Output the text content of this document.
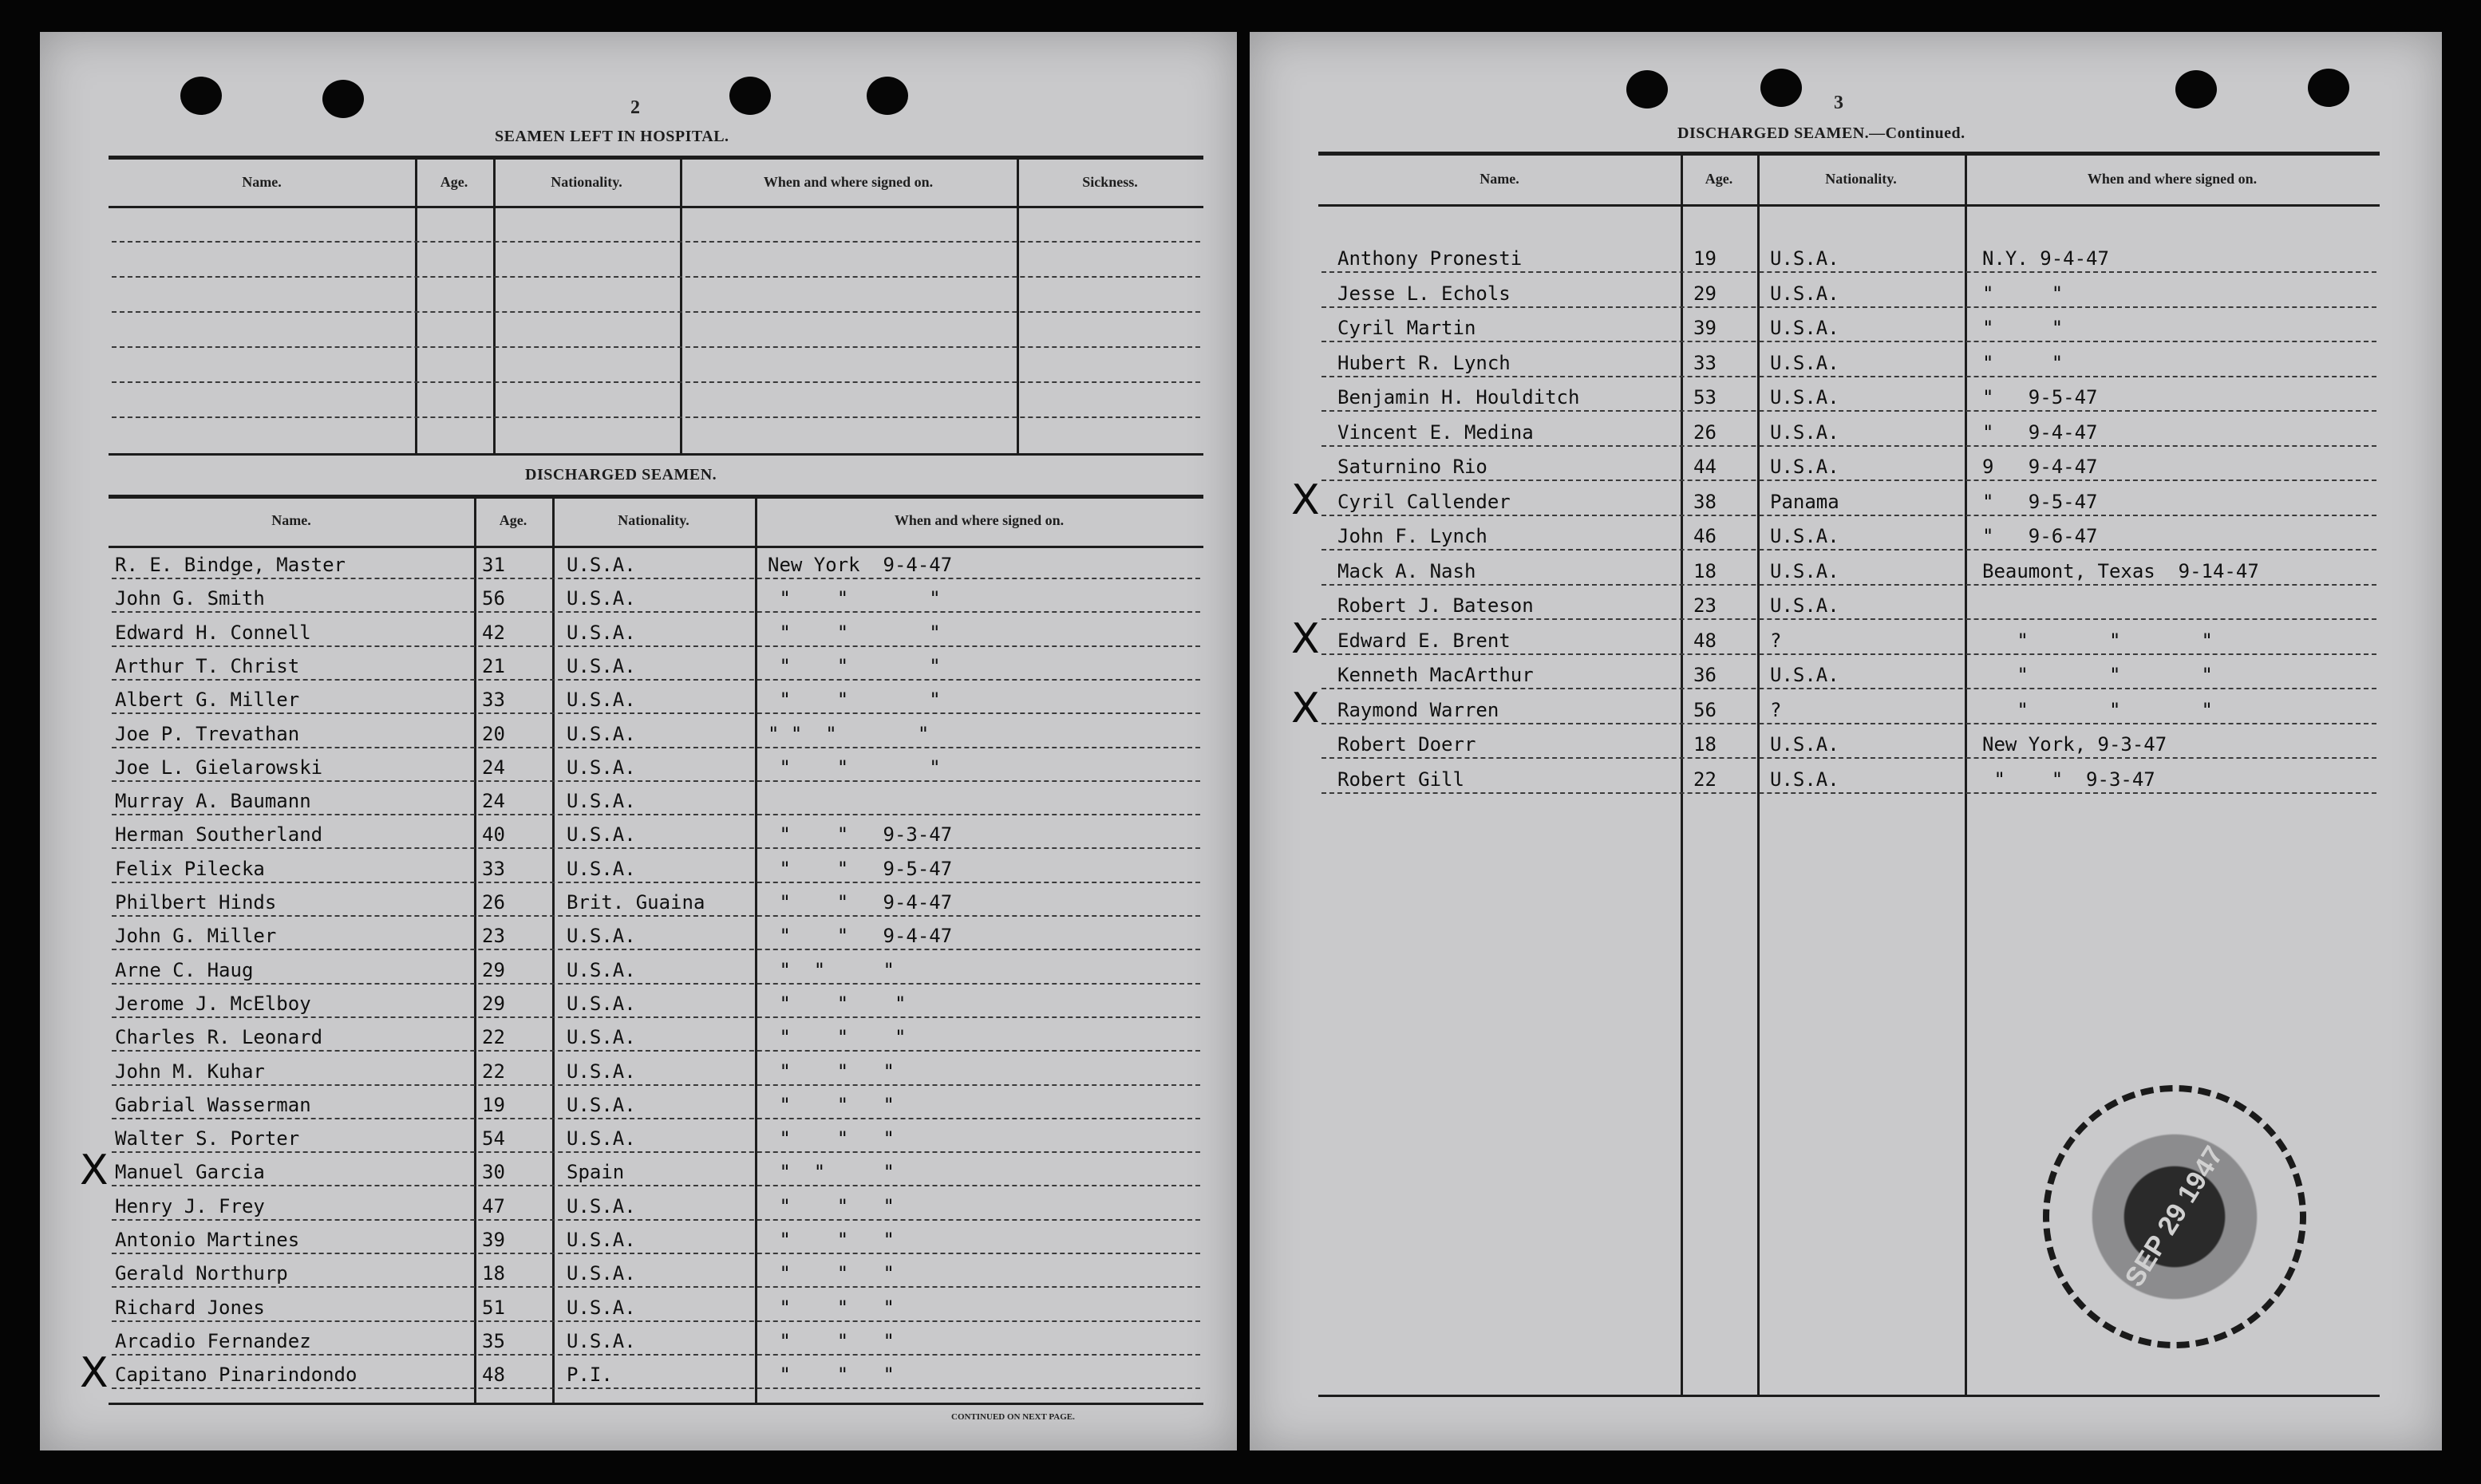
2
SEAMEN LEFT IN HOSPITAL.
Name.	Age.	Nationality.	When and where signed on.	Sickness.
DISCHARGED SEAMEN.
Name.	Age.	Nationality.	When and where signed on.
R. E. Bindge, Master	31	U.S.A.	New York  9-4-47
John G. Smith	56	U.S.A.	"    "       "
Edward H. Connell	42	U.S.A.	"    "       "
Arthur T. Christ	21	U.S.A.	"    "       "
Albert G. Miller	33	U.S.A.	"    "       "
Joe P. Trevathan	20	U.S.A.	" "  "       "
Joe L. Gielarowski	24	U.S.A.	"    "       "
Murray A. Baumann	24	U.S.A.
Herman Southerland	40	U.S.A.	"    "   9-3-47
Felix Pilecka	33	U.S.A.	"    "   9-5-47
Philbert Hinds	26	Brit. Guaina	"    "   9-4-47
John G. Miller	23	U.S.A.	"    "   9-4-47
Arne C. Haug	29	U.S.A.	"  "     "
Jerome J. McElboy	29	U.S.A.	"    "    "
Charles R. Leonard	22	U.S.A.	"    "    "
John M. Kuhar	22	U.S.A.	"    "   "
Gabrial Wasserman	19	U.S.A.	"    "   "
Walter S. Porter	54	U.S.A.	"    "   "
Manuel Garcia	30	Spain	"  "     "
X
Henry J. Frey	47	U.S.A.	"    "   "
Antonio Martines	39	U.S.A.	"    "   "
Gerald Northurp	18	U.S.A.	"    "   "
Richard Jones	51	U.S.A.	"    "   "
Arcadio Fernandez	35	U.S.A.	"    "   "
Capitano Pinarindondo	48	P.I.	"    "   "
X
CONTINUED ON NEXT PAGE.
3
DISCHARGED SEAMEN.—Continued.
Name.	Age.	Nationality.	When and where signed on.
Anthony Pronesti	19	U.S.A.	N.Y. 9-4-47
Jesse L. Echols	29	U.S.A.	"     "
Cyril Martin	39	U.S.A.	"     "
Hubert R. Lynch	33	U.S.A.	"     "
Benjamin H. Houlditch	53	U.S.A.	"   9-5-47
Vincent E. Medina	26	U.S.A.	"   9-4-47
Saturnino Rio	44	U.S.A.	9   9-4-47
Cyril Callender	38	Panama	"   9-5-47
X
John F. Lynch	46	U.S.A.	"   9-6-47
Mack A. Nash	18	U.S.A.	Beaumont, Texas  9-14-47
Robert J. Bateson	23	U.S.A.
Edward E. Brent	48	?	"       "       "
X
Kenneth MacArthur	36	U.S.A.	"       "       "
Raymond Warren	56	?	"       "       "
X
Robert Doerr	18	U.S.A.	New York, 9-3-47
Robert Gill	22	U.S.A.	"    "  9-3-47
SEP 29 1947
